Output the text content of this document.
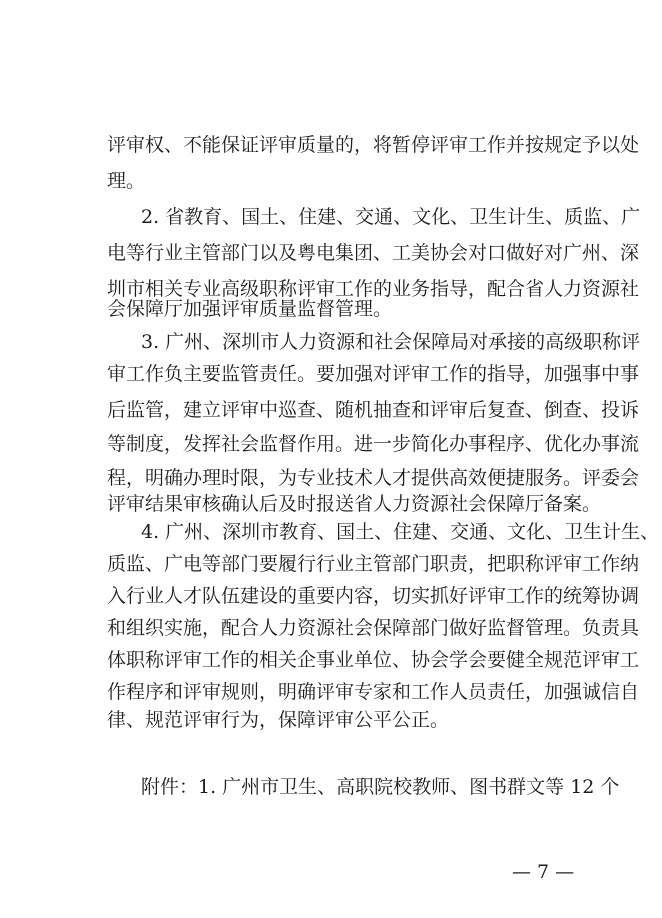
评审权、不能保证评审质量的，将暂停评审工作并按规定予以处
理。
2. 省教育、国土、住建、交通、文化、卫生计生、质监、广
电等行业主管部门以及粤电集团、工美协会对口做好对广州、深
圳市相关专业高级职称评审工作的业务指导，配合省人力资源社
会保障厅加强评审质量监督管理。
3. 广州、深圳市人力资源和社会保障局对承接的高级职称评
审工作负主要监管责任。要加强对评审工作的指导，加强事中事
后监管，建立评审中巡查、随机抽查和评审后复查、倒查、投诉
等制度，发挥社会监督作用。进一步简化办事程序、优化办事流
程，明确办理时限，为专业技术人才提供高效便捷服务。评委会
评审结果审核确认后及时报送省人力资源社会保障厅备案。
4. 广州、深圳市教育、国土、住建、交通、文化、卫生计生、
质监、广电等部门要履行行业主管部门职责，把职称评审工作纳
入行业人才队伍建设的重要内容，切实抓好评审工作的统筹协调
和组织实施，配合人力资源社会保障部门做好监督管理。负责具
体职称评审工作的相关企事业单位、协会学会要健全规范评审工
作程序和评审规则，明确评审专家和工作人员责任，加强诚信自
律、规范评审行为，保障评审公平公正。
附件：1. 广州市卫生、高职院校教师、图书群文等 12 个
— 7 —
